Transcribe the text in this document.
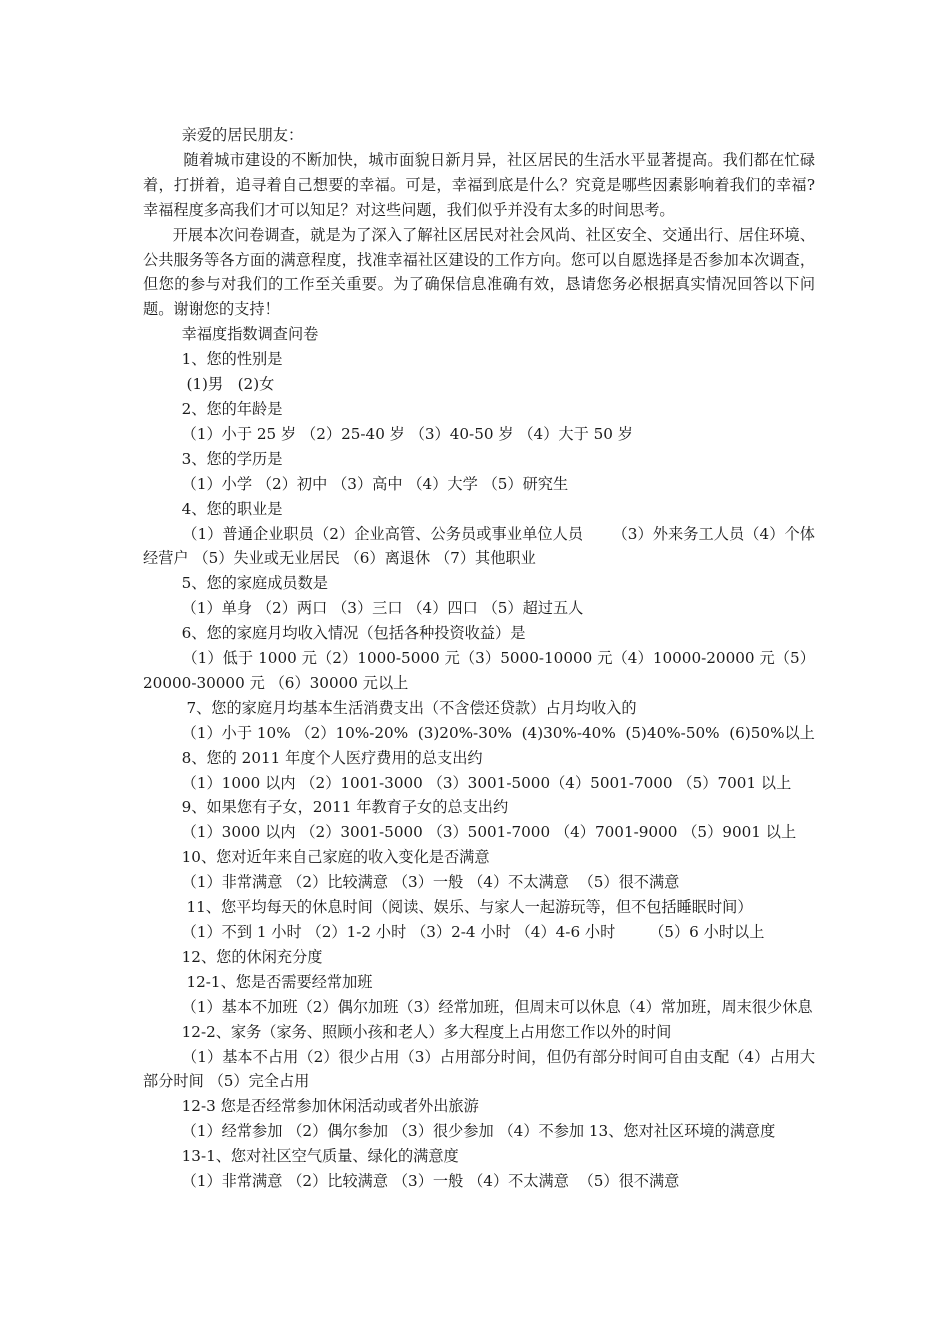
亲爱的居民朋友：

随着城市建设的不断加快，城市面貌日新月异，社区居民的生活水平显著提高。我们都在忙碌着，打拼着，追寻着自己想要的幸福。可是，幸福到底是什么？究竟是哪些因素影响着我们的幸福?幸福程度多高我们才可以知足？对这些问题，我们似乎并没有太多的时间思考。

开展本次问卷调查，就是为了深入了解社区居民对社会风尚、社区安全、交通出行、居住环境、公共服务等各方面的满意程度，找准幸福社区建设的工作方向。您可以自愿选择是否参加本次调查，但您的参与对我们的工作至关重要。为了确保信息准确有效，恳请您务必根据真实情况回答以下问题。谢谢您的支持！

幸福度指数调查问卷

1、您的性别是

(1)男   (2)女

2、您的年龄是

（1）小于 25 岁 （2）25-40 岁 （3）40-50 岁 （4）大于 50 岁

3、您的学历是

（1）小学 （2）初中 （3）高中 （4）大学 （5）研究生

4、您的职业是

（1）普通企业职员（2）企业高管、公务员或事业单位人员      （3）外来务工人员（4）个体经营户 （5）失业或无业居民 （6）离退休 （7）其他职业

5、您的家庭成员数是

（1）单身 （2）两口 （3）三口 （4）四口 （5）超过五人

6、您的家庭月均收入情况（包括各种投资收益）是

（1）低于 1000 元（2）1000-5000 元（3）5000-10000 元（4）10000-20000 元（5）20000-30000 元 （6）30000 元以上

7、您的家庭月均基本生活消费支出（不含偿还贷款）占月均收入的

（1）小于 10% （2）10%-20%  (3)20%-30%  (4)30%-40%  (5)40%-50%  (6)50%以上

8、您的 2011 年度个人医疗费用的总支出约

（1）1000 以内 （2）1001-3000 （3）3001-5000（4）5001-7000 （5）7001 以上

9、如果您有子女，2011 年教育子女的总支出约

（1）3000 以内 （2）3001-5000 （3）5001-7000 （4）7001-9000 （5）9001 以上

10、您对近年来自己家庭的收入变化是否满意

（1）非常满意 （2）比较满意 （3）一般 （4）不太满意  （5）很不满意

11、您平均每天的休息时间（阅读、娱乐、与家人一起游玩等，但不包括睡眠时间）

（1）不到 1 小时 （2）1-2 小时 （3）2-4 小时 （4）4-6 小时       （5）6 小时以上

12、您的休闲充分度

12-1、您是否需要经常加班

（1）基本不加班（2）偶尔加班（3）经常加班，但周末可以休息（4）常加班，周末很少休息

12-2、家务（家务、照顾小孩和老人）多大程度上占用您工作以外的时间

（1）基本不占用（2）很少占用（3）占用部分时间，但仍有部分时间可自由支配（4）占用大部分时间 （5）完全占用

12-3 您是否经常参加休闲活动或者外出旅游

（1）经常参加 （2）偶尔参加 （3）很少参加 （4）不参加 13、您对社区环境的满意度

13-1、您对社区空气质量、绿化的满意度

（1）非常满意 （2）比较满意 （3）一般 （4）不太满意  （5）很不满意
